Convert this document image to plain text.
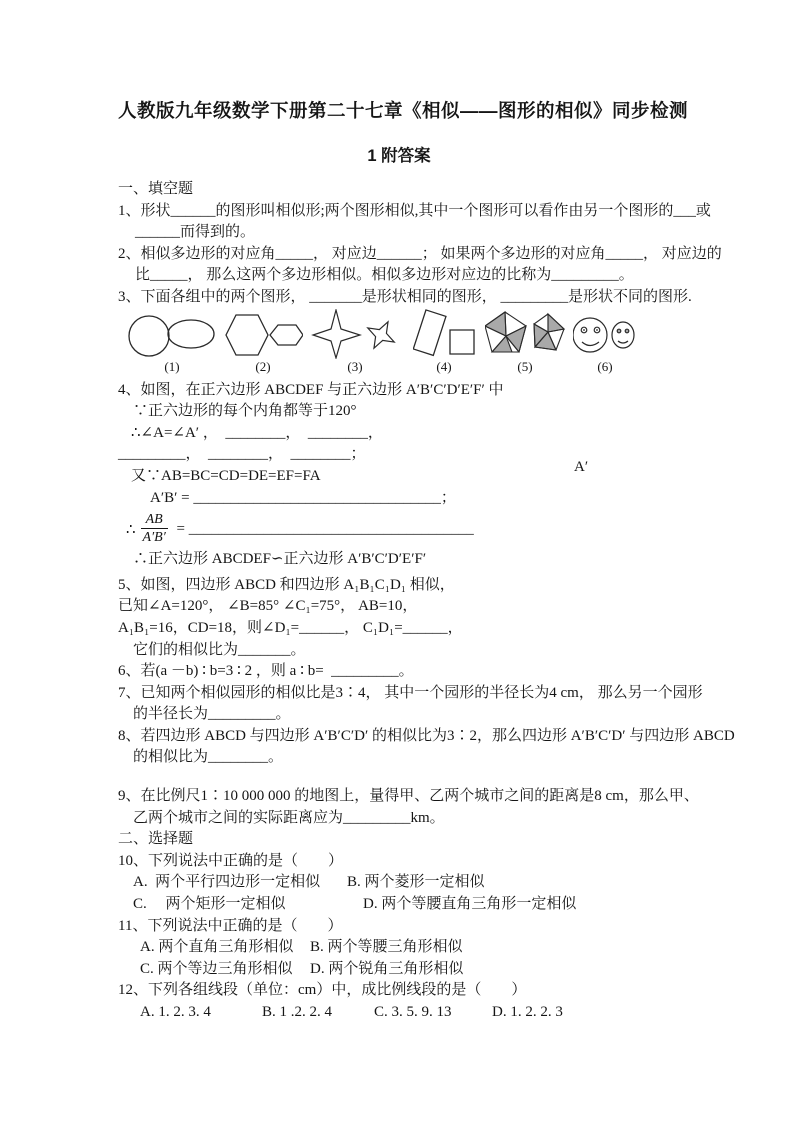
人教版九年级数学下册第二十七章《相似——图形的相似》同步检测
1 附答案

一、填空题

1、形状______的图形叫相似形;两个图形相似,其中一个图形可以看作由另一个图形的___或

______而得到的。

2、相似多边形的对应角_____， 对应边______； 如果两个多边形的对应角_____， 对应边的

比_____， 那么这两个多边形相似。相似多边形对应边的比称为_________。

3、下面各组中的两个图形， _______是形状相同的图形， _________是形状不同的图形.

(1)	(2)	(3)	(4)	(5)	(6)

4、如图，在正六边形 ABCDEF 与正六边形 A′B′C′D′E′F′ 中

∵正六边形的每个内角都等于120°

∴∠A=∠A′ ，  ________，  ________，

_________，  ________，  ________；

又∵AB=BC=CD=DE=EF=FA

A′B′ = _________________________________；

∴ $\frac{AB}{A'B'}$ = ______________________________________

∴正六边形 ABCDEF∽正六边形 A′B′C′D′E′F′

5、如图，四边形 ABCD 和四边形 A₁B₁C₁D₁ 相似，

已知∠A=120°， ∠B=85° ∠C₁=75°， AB=10，

A₁B₁=16，CD=18，则∠D₁=______， C₁D₁=______，

它们的相似比为_______。

6、若(a －b) ∶ b=3 ∶ 2 ，则 a ∶ b=  _________。

7、已知两个相似园形的相似比是3∶4， 其中一个园形的半径长为4 cm， 那么另一个园形

的半径长为_________。

8、若四边形 ABCD 与四边形 A′B′C′D′ 的相似比为3∶2，那么四边形 A′B′C′D′ 与四边形 ABCD

的相似比为________。

9、在比例尺1∶10 000 000 的地图上，量得甲、乙两个城市之间的距离是8 cm，那么甲、

乙两个城市之间的实际距离应为_________km。

二、选择题

10、下列说法中正确的是（　　）

A.  两个平行四边形一定相似	B. 两个菱形一定相似
C.     两个矩形一定相似	D. 两个等腰直角三角形一定相似

11、下列说法中正确的是（　　）

A. 两个直角三角形相似	B. 两个等腰三角形相似
C. 两个等边三角形相似	D. 两个锐角三角形相似

12、下列各组线段（单位：cm）中，成比例线段的是（　　）

A. 1. 2. 3. 4	B. 1 .2. 2. 4	C. 3. 5. 9. 13	D. 1. 2. 2. 3
A′
